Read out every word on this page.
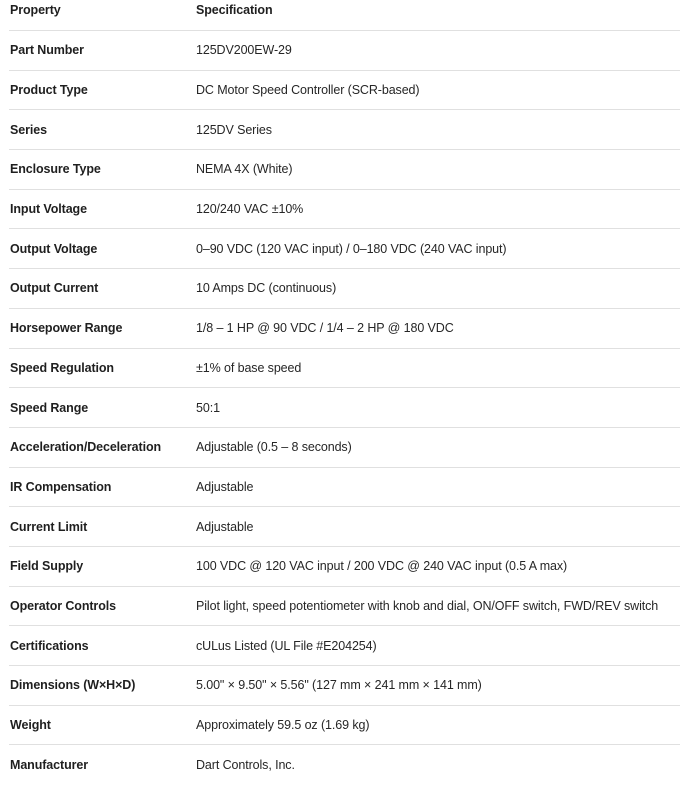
Property	Specification
Part Number	125DV200EW-29
Product Type	DC Motor Speed Controller (SCR-based)
Series	125DV Series
Enclosure Type	NEMA 4X (White)
Input Voltage	120/240 VAC ±10%
Output Voltage	0–90 VDC (120 VAC input) / 0–180 VDC (240 VAC input)
Output Current	10 Amps DC (continuous)
Horsepower Range	1/8 – 1 HP @ 90 VDC / 1/4 – 2 HP @ 180 VDC
Speed Regulation	±1% of base speed
Speed Range	50:1
Acceleration/Deceleration	Adjustable (0.5 – 8 seconds)
IR Compensation	Adjustable
Current Limit	Adjustable
Field Supply	100 VDC @ 120 VAC input / 200 VDC @ 240 VAC input (0.5 A max)
Operator Controls	Pilot light, speed potentiometer with knob and dial, ON/OFF switch, FWD/REV switch
Certifications	cULus Listed (UL File #E204254)
Dimensions (W×H×D)	5.00" × 9.50" × 5.56" (127 mm × 241 mm × 141 mm)
Weight	Approximately 59.5 oz (1.69 kg)
Manufacturer	Dart Controls, Inc.
